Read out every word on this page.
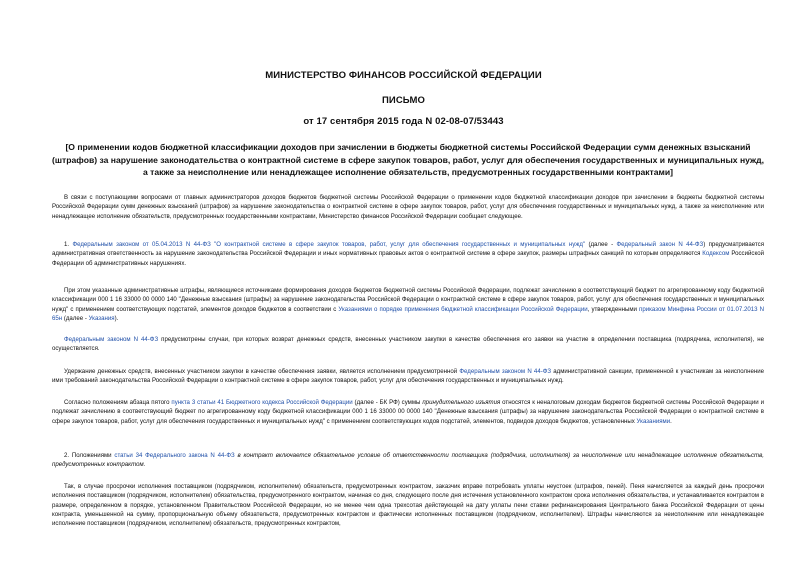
МИНИСТЕРСТВО ФИНАНСОВ РОССИЙСКОЙ ФЕДЕРАЦИИ
ПИСЬМО
от 17 сентября 2015 года N 02-08-07/53443
[О применении кодов бюджетной классификации доходов при зачислении в бюджеты бюджетной системы Российской Федерации сумм денежных взысканий (штрафов) за нарушение законодательства о контрактной системе в сфере закупок товаров, работ, услуг для обеспечения государственных и муниципальных нужд, а также за неисполнение или ненадлежащее исполнение обязательств, предусмотренных государственными контрактами]

В связи с поступающими вопросами от главных администраторов доходов бюджетов бюджетной системы Российской Федерации о применении кодов бюджетной классификации доходов при зачислении в бюджеты бюджетной системы Российской Федерации сумм денежных взысканий (штрафов) за нарушение законодательства о контрактной системе в сфере закупок товаров, работ, услуг для обеспечения государственных и муниципальных нужд, а также за неисполнение или ненадлежащее исполнение обязательств, предусмотренных государственными контрактами, Министерство финансов Российской Федерации сообщает следующее.

1. Федеральным законом от 05.04.2013 N 44-ФЗ "О контрактной системе в сфере закупок товаров, работ, услуг для обеспечения государственных и муниципальных нужд" (далее - Федеральный закон N 44-ФЗ) предусматривается административная ответственность за нарушение законодательства Российской Федерации и иных нормативных правовых актов о контрактной системе в сфере закупок, размеры штрафных санкций по которым определяются Кодексом Российской Федерации об административных нарушениях.

При этом указанные административные штрафы, являющиеся источниками формирования доходов бюджетов бюджетной системы Российской Федерации, подлежат зачислению в соответствующий бюджет по агрегированному коду бюджетной классификации 000 1 16 33000 00 0000 140 "Денежные взыскания (штрафы) за нарушение законодательства Российской Федерации о контрактной системе в сфере закупок товаров, работ, услуг для обеспечения государственных и муниципальных нужд" с применением соответствующих подстатей, элементов доходов бюджетов в соответствии с Указаниями о порядке применения бюджетной классификации Российской Федерации, утвержденными приказом Минфина России от 01.07.2013 N 65н (далее - Указания).

Федеральным законом N 44-ФЗ предусмотрены случаи, при которых возврат денежных средств, внесенных участником закупки в качестве обеспечения его заявки на участие в определении поставщика (подрядчика, исполнителя), не осуществляется.

Удержание денежных средств, внесенных участником закупки в качестве обеспечения заявки, является исполнением предусмотренной Федеральным законом N 44-ФЗ административной санкции, примененной к участникам за неисполнение ими требований законодательства Российской Федерации о контрактной системе в сфере закупок товаров, работ, услуг для обеспечения государственных и муниципальных нужд.

Согласно положениям абзаца пятого пункта 3 статьи 41 Бюджетного кодекса Российской Федерации (далее - БК РФ) суммы принудительного изъятия относятся к неналоговым доходам бюджетов бюджетной системы Российской Федерации и подлежат зачислению в соответствующий бюджет по агрегированному коду бюджетной классификации 000 1 16 33000 00 0000 140 "Денежные взыскания (штрафы) за нарушение законодательства Российской Федерации о контрактной системе в сфере закупок товаров, работ, услуг для обеспечения государственных и муниципальных нужд" с применением соответствующих кодов подстатей, элементов, подвидов доходов бюджетов, установленных Указаниями.

2. Положениями статьи 34 Федерального закона N 44-ФЗ в контракт включается обязательное условие об ответственности поставщика (подрядчика, исполнителя) за неисполнение или ненадлежащее исполнение обязательств, предусмотренных контрактом.

Так, в случае просрочки исполнения поставщиком (подрядчиком, исполнителем) обязательств, предусмотренных контрактом, заказчик вправе потребовать уплаты неустоек (штрафов, пеней). Пеня начисляется за каждый день просрочки исполнения поставщиком (подрядчиком, исполнителем) обязательства, предусмотренного контрактом, начиная со дня, следующего после дня истечения установленного контрактом срока исполнения обязательства, и устанавливается контрактом в размере, определенном в порядке, установленном Правительством Российской Федерации, но не менее чем одна трехсотая действующей на дату уплаты пени ставки рефинансирования Центрального банка Российской Федерации от цены контракта, уменьшенной на сумму, пропорциональную объему обязательств, предусмотренных контрактом и фактически исполненных поставщиком (подрядчиком, исполнителем). Штрафы начисляются за неисполнение или ненадлежащее исполнение поставщиком (подрядчиком, исполнителем) обязательств, предусмотренных контрактом,
